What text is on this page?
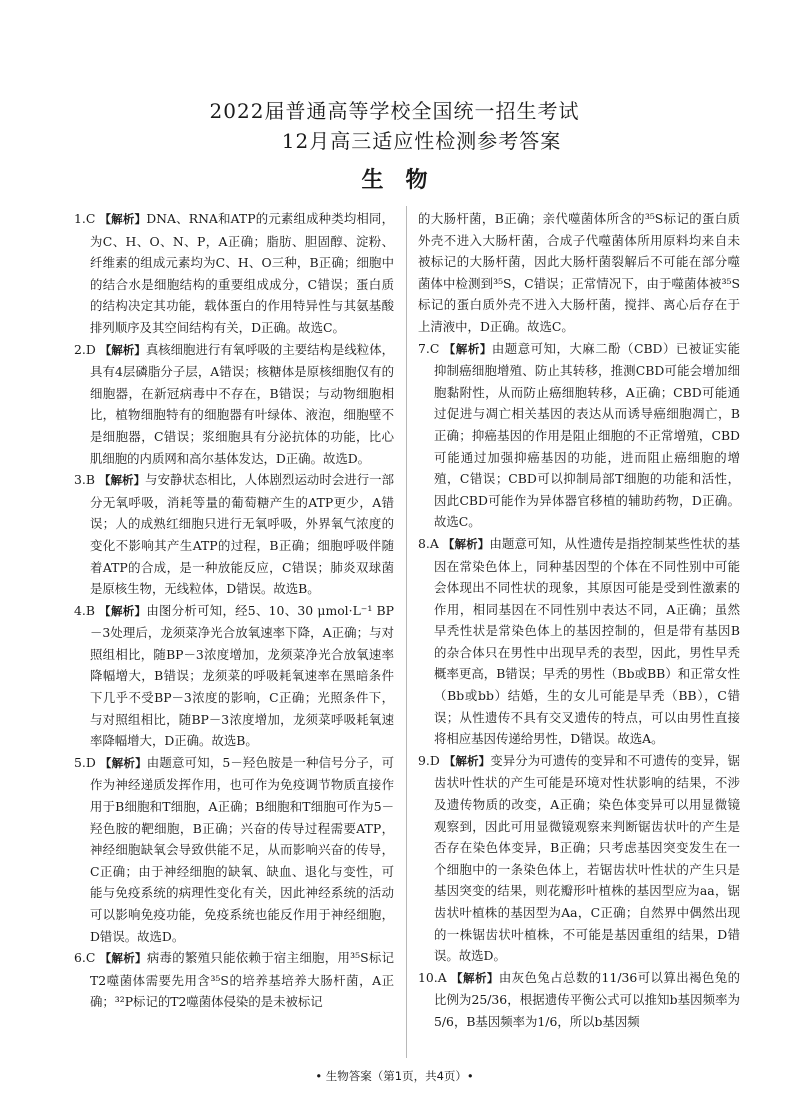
2022届普通高等学校全国统一招生考试

12月高三适应性检测参考答案

生物

1.C 【解析】DNA、RNA和ATP的元素组成种类均相同，为C、H、O、N、P，A正确；脂肪、胆固醇、淀粉、纤维素的组成元素均为C、H、O三种，B正确；细胞中的结合水是细胞结构的重要组成成分，C错误；蛋白质的结构决定其功能，载体蛋白的作用特异性与其氨基酸排列顺序及其空间结构有关，D正确。故选C。

2.D 【解析】真核细胞进行有氧呼吸的主要结构是线粒体，具有4层磷脂分子层，A错误；核糖体是原核细胞仅有的细胞器，在新冠病毒中不存在，B错误；与动物细胞相比，植物细胞特有的细胞器有叶绿体、液泡，细胞壁不是细胞器，C错误；浆细胞具有分泌抗体的功能，比心肌细胞的内质网和高尔基体发达，D正确。故选D。

3.B 【解析】与安静状态相比，人体剧烈运动时会进行一部分无氧呼吸，消耗等量的葡萄糖产生的ATP更少，A错误；人的成熟红细胞只进行无氧呼吸，外界氧气浓度的变化不影响其产生ATP的过程，B正确；细胞呼吸伴随着ATP的合成，是一种放能反应，C错误；肺炎双球菌是原核生物，无线粒体，D错误。故选B。

4.B 【解析】由图分析可知，经5、10、30 μmol·L⁻¹ BP－3处理后，龙须菜净光合放氧速率下降，A正确；与对照组相比，随BP－3浓度增加，龙须菜净光合放氧速率降幅增大，B错误；龙须菜的呼吸耗氧速率在黑暗条件下几乎不受BP－3浓度的影响，C正确；光照条件下，与对照组相比，随BP－3浓度增加，龙须菜呼吸耗氧速率降幅增大，D正确。故选B。

5.D 【解析】由题意可知，5－羟色胺是一种信号分子，可作为神经递质发挥作用，也可作为免疫调节物质直接作用于B细胞和T细胞，A正确；B细胞和T细胞可作为5－羟色胺的靶细胞，B正确；兴奋的传导过程需要ATP，神经细胞缺氧会导致供能不足，从而影响兴奋的传导，C正确；由于神经细胞的缺氧、缺血、退化与变性，可能与免疫系统的病理性变化有关，因此神经系统的活动可以影响免疫功能，免疫系统也能反作用于神经细胞，D错误。故选D。

6.C 【解析】病毒的繁殖只能依赖于宿主细胞，用³⁵S标记T2噬菌体需要先用含³⁵S的培养基培养大肠杆菌，A正确；³²P标记的T2噬菌体侵染的是未被标记

的大肠杆菌，B正确；亲代噬菌体所含的³⁵S标记的蛋白质外壳不进入大肠杆菌，合成子代噬菌体所用原料均来自未被标记的大肠杆菌，因此大肠杆菌裂解后不可能在部分噬菌体中检测到³⁵S，C错误；正常情况下，由于噬菌体被³⁵S标记的蛋白质外壳不进入大肠杆菌，搅拌、离心后存在于上清液中，D正确。故选C。

7.C 【解析】由题意可知，大麻二酚（CBD）已被证实能抑制癌细胞增殖、防止其转移，推测CBD可能会增加细胞黏附性，从而防止癌细胞转移，A正确；CBD可能通过促进与凋亡相关基因的表达从而诱导癌细胞凋亡，B正确；抑癌基因的作用是阻止细胞的不正常增殖，CBD可能通过加强抑癌基因的功能，进而阻止癌细胞的增殖，C错误；CBD可以抑制局部T细胞的功能和活性，因此CBD可能作为异体器官移植的辅助药物，D正确。故选C。

8.A 【解析】由题意可知，从性遗传是指控制某些性状的基因在常染色体上，同种基因型的个体在不同性别中可能会体现出不同性状的现象，其原因可能是受到性激素的作用，相同基因在不同性别中表达不同，A正确；虽然早秃性状是常染色体上的基因控制的，但是带有基因B的杂合体只在男性中出现早秃的表型，因此，男性早秃概率更高，B错误；早秃的男性（Bb或BB）和正常女性（Bb或bb）结婚，生的女儿可能是早秃（BB），C错误；从性遗传不具有交叉遗传的特点，可以由男性直接将相应基因传递给男性，D错误。故选A。

9.D 【解析】变异分为可遗传的变异和不可遗传的变异，锯齿状叶性状的产生可能是环境对性状影响的结果，不涉及遗传物质的改变，A正确；染色体变异可以用显微镜观察到，因此可用显微镜观察来判断锯齿状叶的产生是否存在染色体变异，B正确；只考虑基因突变发生在一个细胞中的一条染色体上，若锯齿状叶性状的产生只是基因突变的结果，则花瓣形叶植株的基因型应为aa，锯齿状叶植株的基因型为Aa，C正确；自然界中偶然出现的一株锯齿状叶植株，不可能是基因重组的结果，D错误。故选D。

10.A 【解析】由灰色兔占总数的11/36可以算出褐色兔的比例为25/36，根据遗传平衡公式可以推知b基因频率为5/6，B基因频率为1/6，所以b基因频

• 生物答案（第1页，共4页）•
